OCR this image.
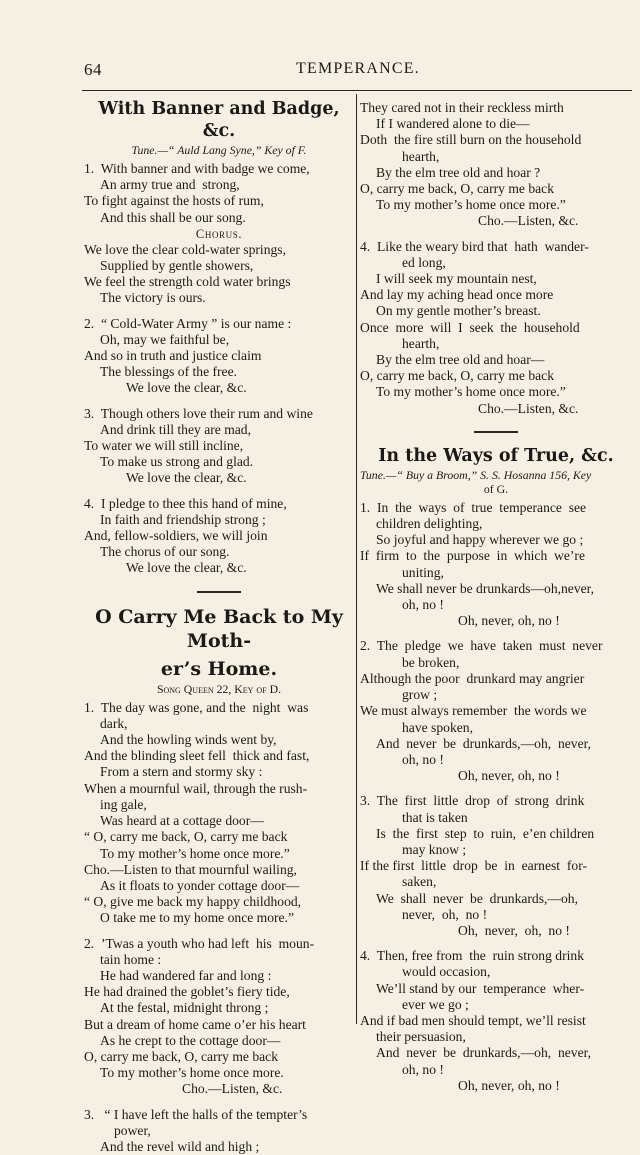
64	TEMPERANCE.
With Banner and Badge, &c.
Tune.—“ Auld Lang Syne,” Key of F.
1.  With banner and with badge we come,
An army true and  strong,
To fight against the hosts of rum,
And this shall be our song.
Chorus.
We love the clear cold-water springs,
Supplied by gentle showers,
We feel the strength cold water brings
The victory is ours.
2.  “ Cold-Water Army ” is our name :
Oh, may we faithful be,
And so in truth and justice claim
The blessings of the free.
We love the clear, &c.
3.  Though others love their rum and wine
And drink till they are mad,
To water we will still incline,
To make us strong and glad.
We love the clear, &c.
4.  I pledge to thee this hand of mine,
In faith and friendship strong ;
And, fellow-soldiers, we will join
The chorus of our song.
We love the clear, &c.
O Carry Me Back to My Moth-
er’s Home.
Song Queen 22, Key of D.
1.  The day was gone, and the  night  was
dark,
And the howling winds went by,
And the blinding sleet fell  thick and fast,
From a stern and stormy sky :
When a mournful wail, through the rush-
ing gale,
Was heard at a cottage door—
“ O, carry me back, O, carry me back
To my mother’s home once more.”
Cho.—Listen to that mournful wailing,
As it floats to yonder cottage door—
“ O, give me back my happy childhood,
O take me to my home once more.”
2.  ’Twas a youth who had left  his  moun-
tain home :
He had wandered far and long :
He had drained the goblet’s fiery tide,
At the festal, midnight throng ;
But a dream of home came o’er his heart
As he crept to the cottage door—
O, carry me back, O, carry me back
To my mother’s home once more.
Cho.—Listen, &c.
3.   “ I have left the halls of the tempter’s
power,
And the revel wild and high ;
They cared not in their reckless mirth
If I wandered alone to die—
Doth  the fire still burn on the household
hearth,
By the elm tree old and hoar ?
O, carry me back, O, carry me back
To my mother’s home once more.”
Cho.—Listen, &c.
4.  Like the weary bird that  hath  wander-
ed long,
I will seek my mountain nest,
And lay my aching head once more
On my gentle mother’s breast.
Once  more  will  I  seek  the  household
hearth,
By the elm tree old and hoar—
O, carry me back, O, carry me back
To my mother’s home once more.”
Cho.—Listen, &c.
In the Ways of True, &c.
Tune.—“ Buy a Broom,” S. S. Hosanna 156, Key
of G.
1.  In  the  ways  of  true  temperance  see
children delighting,
So joyful and happy wherever we go ;
If  firm  to  the  purpose  in  which  we’re
uniting,
We shall never be drunkards—oh,never,
oh, no !
Oh, never, oh, no !
2.  The  pledge  we  have  taken  must  never
be broken,
Although the poor  drunkard may angrier
grow ;
We must always remember  the words we
have spoken,
And  never  be  drunkards,—oh,  never,
oh, no !
Oh, never, oh, no !
3.  The  first  little  drop  of  strong  drink
that is taken
Is  the  first  step  to  ruin,  e’en children
may know ;
If the first  little  drop  be  in  earnest  for-
saken,
We  shall  never  be  drunkards,—oh,
never,  oh,  no !
Oh,  never,  oh,  no !
4.  Then, free from  the  ruin strong drink
would occasion,
We’ll stand by our  temperance  wher-
ever we go ;
And if bad men should tempt, we’ll resist
their persuasion,
And  never  be  drunkards,—oh,  never,
oh, no !
Oh, never, oh, no !
